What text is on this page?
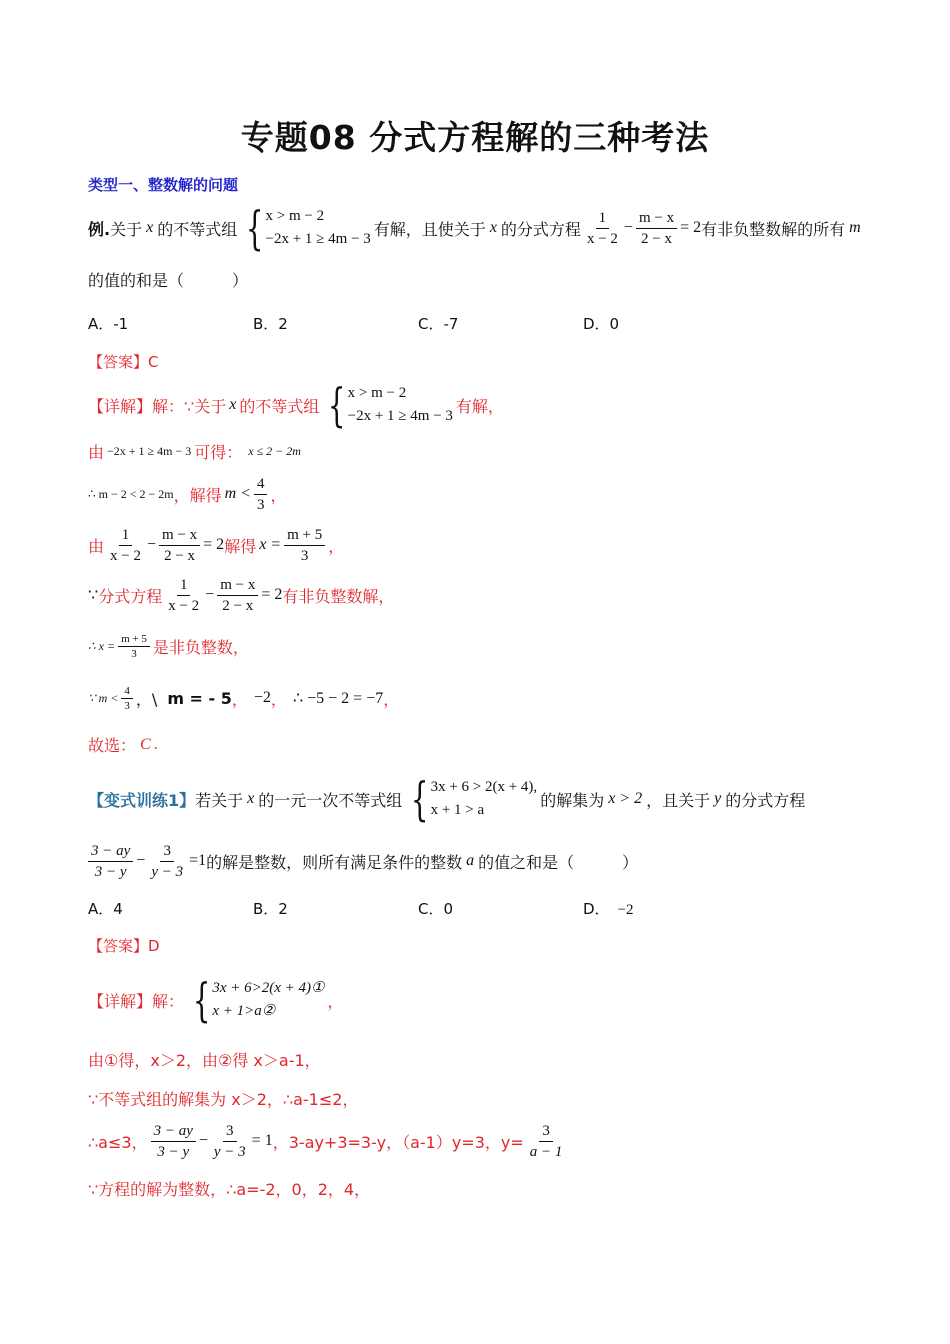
专题08 分式方程解的三种考法
类型一、整数解的问题
例. 关于 x 的不等式组 { x > m − 2
−2x + 1 ≥ 4m − 3
有解，且使关于 x 的分式方程 $\frac{1}{x - 2} - \frac{m - x}{2 - x} = 2$ 有非负整数解的所有 m
的值的和是（　　　）
A．-1	B．2	C．-7	D．0
【答案】C
【详解】 解：∵ 关于 x 的不等式组 { x > m − 2
−2x + 1 ≥ 4m − 3
有解，
由 −2x + 1 ≥ 4m − 3 可得： x ≤ 2 − 2m
∴ m − 2 < 2 − 2m ，解得 $m < \frac{4}{3}$ ，
由 $\frac{1}{x - 2} - \frac{m - x}{2 - x} = 2$ 解得 $x = \frac{m + 5}{3}$ ，
∵ 分式方程 $\frac{1}{x - 2} - \frac{m - x}{2 - x} = 2$ 有非负整数解，
∴ $x = \frac{m + 5}{3}$ 是非负整数，
∵ $m < \frac{4}{3}$ ，\ m = - 5 ， −2 ， ∴ −5 − 2 = −7 ，
故选： C .
【变式训练1】 若关于 x 的一元一次不等式组 { 3x + 6 > 2(x + 4),
x + 1 > a
的解集为 x > 2 ，且关于 y 的分式方程
$\frac{3 - ay}{3 - y} - \frac{3}{y - 3} =1$ 的解是整数，则所有满足条件的整数 a 的值之和是（　　　）
A．4	B．2	C．0	D． −2
【答案】D
【详解】 解： { 3x + 6>2(x + 4)①
x + 1>a②
，
由①得，x＞2，由②得 x＞a-1，
∵不等式组的解集为 x＞2，∴a-1≤2，
∴a≤3， $\frac{3 - ay}{3 - y} - \frac{3}{y - 3} = 1$ ，3-ay+3=3-y，（a-1）y=3，$y= \frac{3}{a - 1}$
∵方程的解为整数，∴a=-2，0，2，4，
